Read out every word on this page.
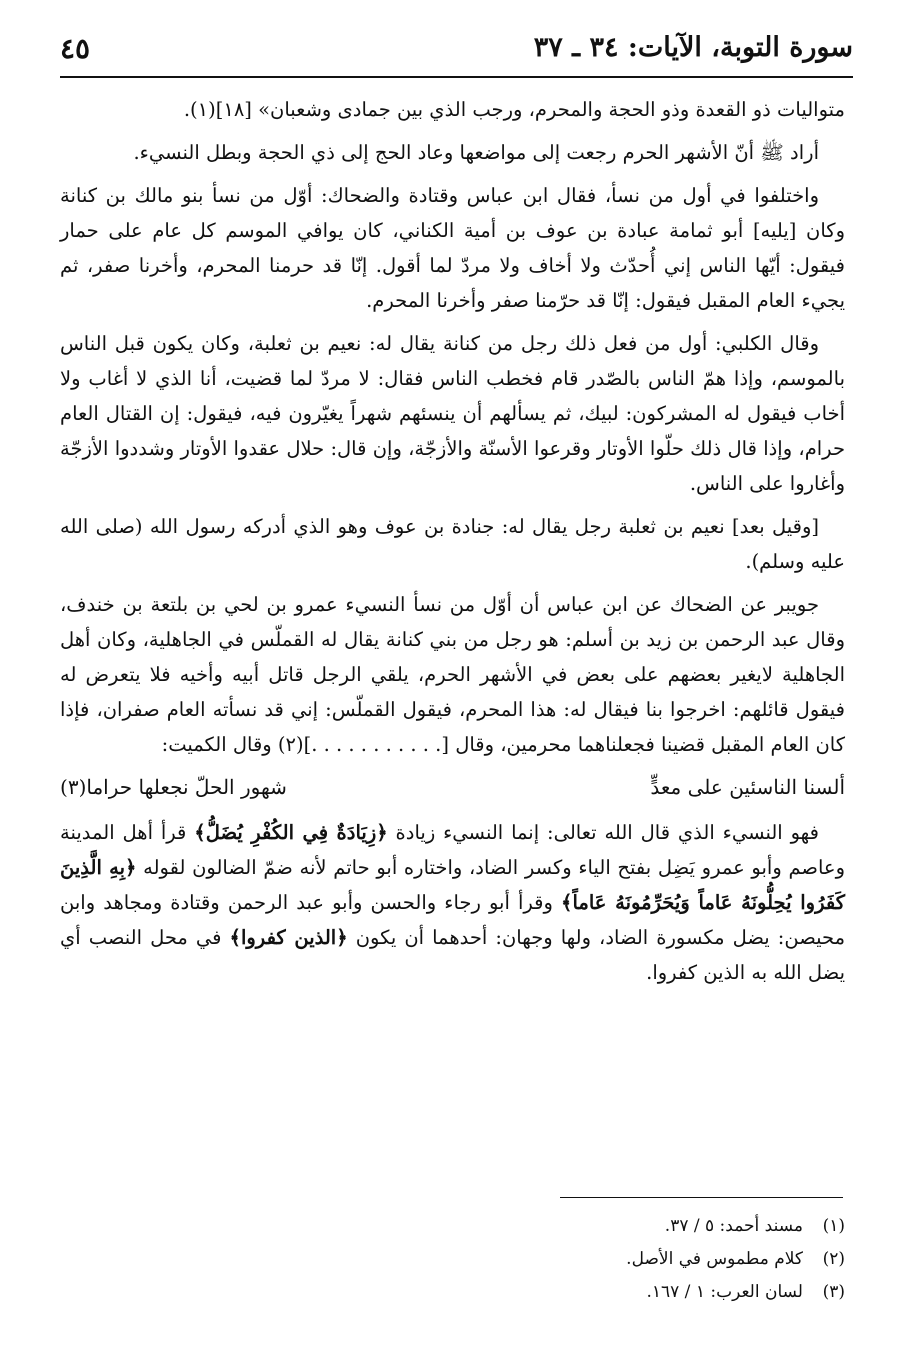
٤٥	سورة التوبة، الآيات: ٣٤ ـ ٣٧

متواليات ذو القعدة وذو الحجة والمحرم، ورجب الذي بين جمادى وشعبان» [١٨](١).

أراد ﷺ أنّ الأشهر الحرم رجعت إلى مواضعها وعاد الحج إلى ذي الحجة وبطل النسيء.

واختلفوا في أول من نسأ، فقال ابن عباس وقتادة والضحاك: أوّل من نسأ بنو مالك بن كنانة وكان [يليه] أبو ثمامة عبادة بن عوف بن أمية الكناني، كان يوافي الموسم كل عام على حمار فيقول: أيّها الناس إني أُحدّث ولا أخاف ولا مردّ لما أقول. إنّا قد حرمنا المحرم، وأخرنا صفر، ثم يجيء العام المقبل فيقول: إنّا قد حرّمنا صفر وأخرنا المحرم.

وقال الكلبي: أول من فعل ذلك رجل من كنانة يقال له: نعيم بن ثعلبة، وكان يكون قبل الناس بالموسم، وإذا همّ الناس بالصّدر قام فخطب الناس فقال: لا مردّ لما قضيت، أنا الذي لا أغاب ولا أخاب فيقول له المشركون: لبيك، ثم يسألهم أن ينسئهم شهراً يغيّرون فيه، فيقول: إن القتال العام حرام، وإذا قال ذلك حلّوا الأوتار وقرعوا الأسنّة والأزجّة، وإن قال: حلال عقدوا الأوتار وشددوا الأزجّة وأغاروا على الناس.

[وقيل بعد] نعيم بن ثعلبة رجل يقال له: جنادة بن عوف وهو الذي أدركه رسول الله (صلى الله عليه وسلم).

جويبر عن الضحاك عن ابن عباس أن أوّل من نسأ النسيء عمرو بن لحي بن بلتعة بن خندف، وقال عبد الرحمن بن زيد بن أسلم: هو رجل من بني كنانة يقال له القملّس في الجاهلية، وكان أهل الجاهلية لايغير بعضهم على بعض في الأشهر الحرم، يلقي الرجل قاتل أبيه وأخيه فلا يتعرض له فيقول قائلهم: اخرجوا بنا فيقال له: هذا المحرم، فيقول القملّس: إني قد نسأته العام صفران، فإذا كان العام المقبل قضينا فجعلناهما محرمين، وقال [. . . . . . . . . . .](٢) وقال الكميت:

ألسنا الناسئين على معدٍّ
شهور الحلّ نجعلها حراما(٣)

فهو النسيء الذي قال الله تعالى: إنما النسيء زيادة ﴿زِيَادَةٌ فِي الكُفْرِ يُضَلُّ﴾ قرأ أهل المدينة وعاصم وأبو عمرو يَضِل بفتح الياء وكسر الضاد، واختاره أبو حاتم لأنه ضمّ الضالون لقوله ﴿بِهِ الَّذِينَ كَفَرُوا يُحِلُّونَهُ عَاماً وَيُحَرِّمُونَهُ عَاماً﴾ وقرأ أبو رجاء والحسن وأبو عبد الرحمن وقتادة ومجاهد وابن محيصن: يضل مكسورة الضاد، ولها وجهان: أحدهما أن يكون ﴿الذين كفروا﴾ في محل النصب أي يضل الله به الذين كفروا.

(١)مسند أحمد: ٥ / ٣٧.

(٢)كلام مطموس في الأصل.

(٣)لسان العرب: ١ / ١٦٧.
